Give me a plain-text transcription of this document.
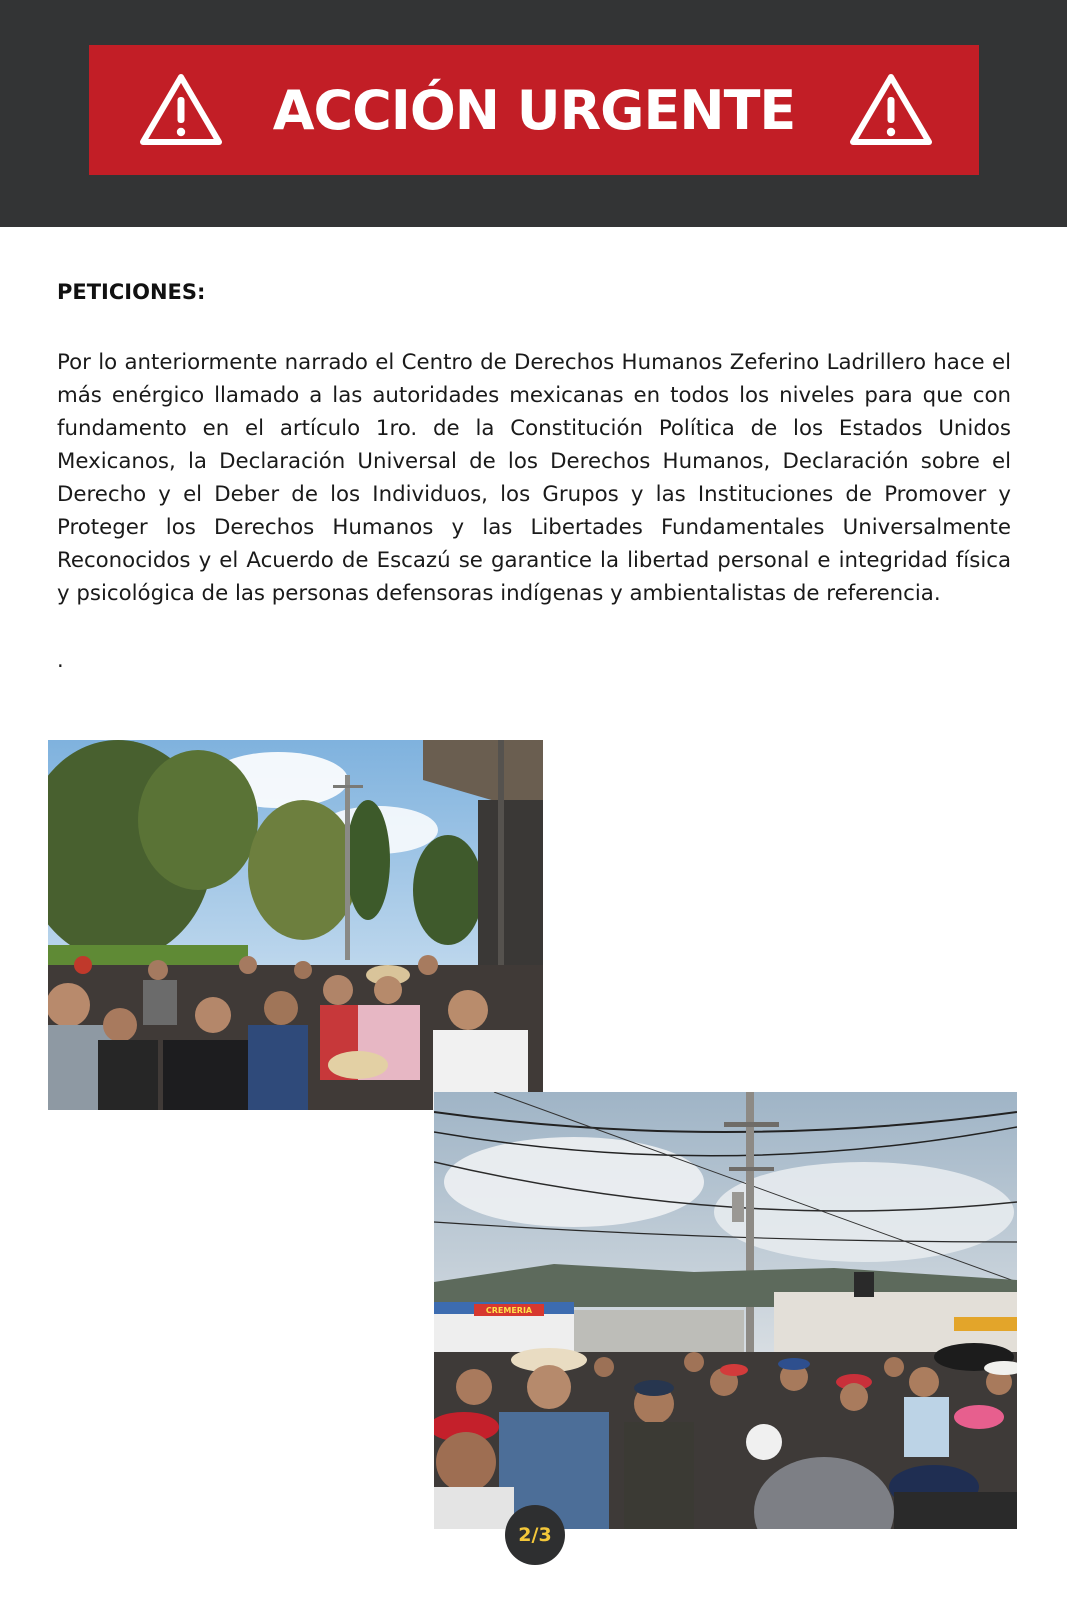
ACCIÓN URGENTE
PETICIONES:

Por lo anteriormente narrado el Centro de Derechos Humanos Zeferino Ladrillero hace el más enérgico llamado a las autoridades mexicanas en todos los niveles para que con fundamento en el artículo 1ro. de la Constitución Política de los Estados Unidos Mexicanos, la Declaración Universal de los Derechos Humanos, Declaración sobre el Derecho y el Deber de los Individuos, los Grupos y las Instituciones de Promover y Proteger los Derechos Humanos y las Libertades Fundamentales Universalmente Reconocidos y el Acuerdo de Escazú se garantice la libertad personal e integridad física y psicológica de las personas defensoras indígenas y ambientalistas de referencia.

.
CREMERIA
2/3
